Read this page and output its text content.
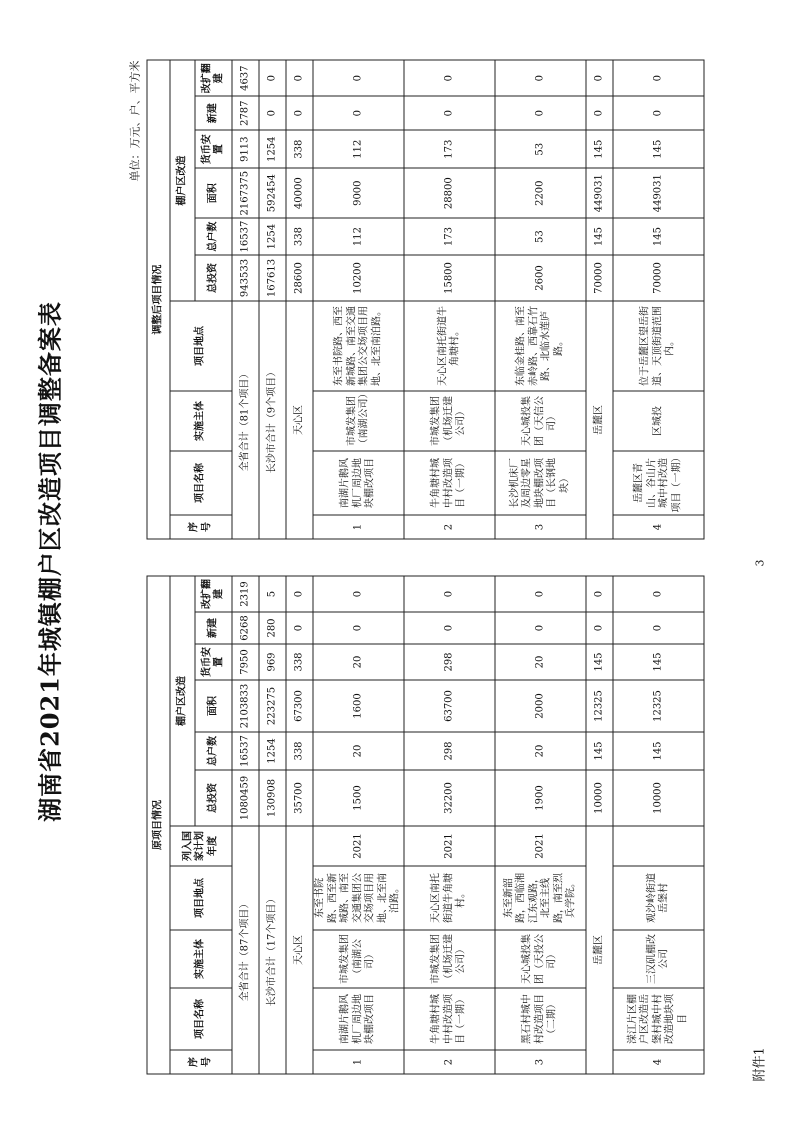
湖南省2021年城镇棚户区改造项目调整备案表
单位：万元、户、平方米
附件1
3
原项目情况										
序号	项目名称	实施主体	项目地点	列入国家计划年度	棚户区改造					
					总投资	总户数	面积	货币安置	新建	改扩翻建
全省合计（87个项目）					1080459	16537	2103833	7950	6268	2319
长沙市合计（17个项目）					130908	1254	223275	969	280	5
天心区					35700	338	67300	338	0	0
1	南湖片鹅风机厂周边地块棚改项目	市城发集团（南湖公司）	东至书院路、西至新城路、南至交通集团公交场项目用地、北至南泊路。	2021	1500	20	1600	20	0	0
2	牛角塘村城中村改造项目（一期）	市城发集团（机场迁建公司）	天心区南托街道牛角塘村。	2021	32200	298	63700	298	0	0
3	黑石村城中村改造项目（二期）	天心城投集团（天投公司）	东至新韶路，西临湘江东观路，北至主线路，南至烈兵学院。	2021	1900	20	2000	20	0	0
岳麓区					10000	145	12325	145	0	0
4	溁江片区棚户区改造岳堡村城中村改造地块项目	三汉矶棚改公司	观沙岭街道岳堡村		10000	145	12325	145	0	0
调整后项目情况									
序号	项目名称	实施主体	项目地点	棚户区改造					
				总投资	总户数	面积	货币安置	新建	改扩翻建
全省合计（81个项目）				943533	16537	2167375	9113	2787	4637
长沙市合计（9个项目）				167613	1254	592454	1254	0	0
天心区				28600	338	40000	338	0	0
1	南湖片鹅风机厂周边地块棚改项目	市城发集团（南湖公司）	东至书院路、西至新城路、南至交通集团公交场项目用地、北至南泊路。	10200	112	9000	112	0	0
2	牛角塘村城中村改造项目（一期）	市城发集团（机场迁建公司）	天心区南托街道牛角塘村。	15800	173	28800	173	0	0
3	长沙机床厂及周边零星地块棚改项目（长钢地块）	天心城投集团（天信公司）	东临金桂路、南至赤岭路、西靠石竹路、北临水莲庐路。	2600	53	2200	53	0	0
岳麓区				70000	145	449031	145	0	0
4	岳麓区青山、谷山片城中村改造项目（一期）	区城投	位于岳麓区望岳街道、天顶街道范围内。	70000	145	449031	145	0	0
